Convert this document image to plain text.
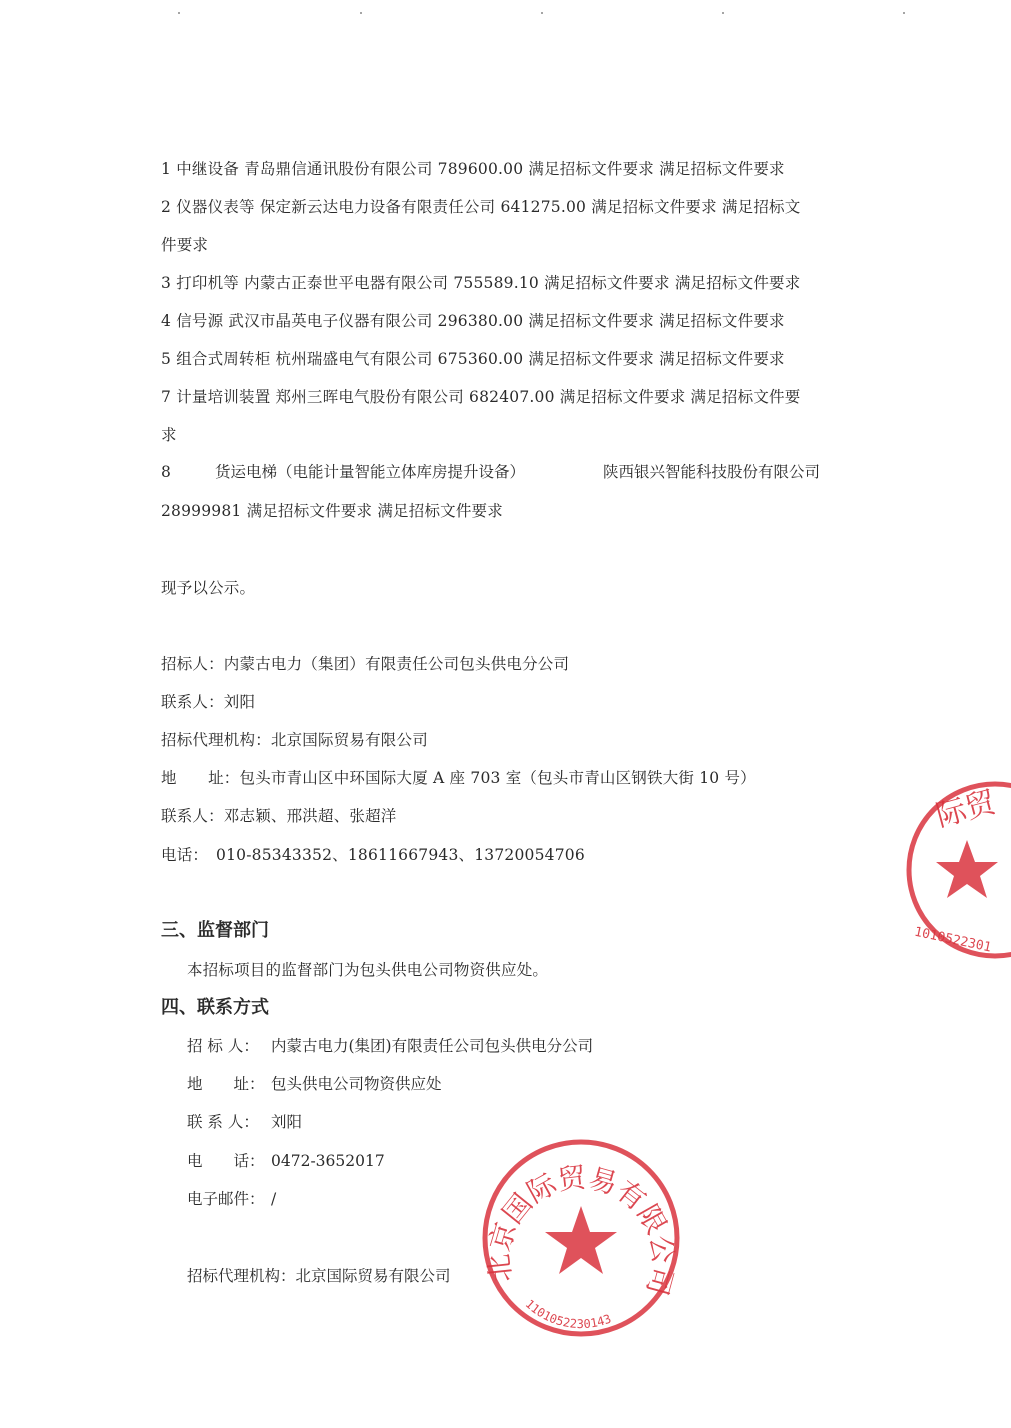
1 中继设备 青岛鼎信通讯股份有限公司 789600.00 满足招标文件要求 满足招标文件要求
2 仪器仪表等 保定新云达电力设备有限责任公司 641275.00 满足招标文件要求 满足招标文
件要求
3 打印机等 内蒙古正泰世平电器有限公司 755589.10 满足招标文件要求 满足招标文件要求
4 信号源 武汉市晶英电子仪器有限公司 296380.00 满足招标文件要求 满足招标文件要求
5 组合式周转柜 杭州瑞盛电气有限公司 675360.00 满足招标文件要求 满足招标文件要求
7 计量培训装置 郑州三晖电气股份有限公司 682407.00 满足招标文件要求 满足招标文件要
求
8	货运电梯（电能计量智能立体库房提升设备）	陕西银兴智能科技股份有限公司
28999981 满足招标文件要求 满足招标文件要求
现予以公示。
招标人：内蒙古电力（集团）有限责任公司包头供电分公司
联系人：刘阳
招标代理机构：北京国际贸易有限公司
地　　址：包头市青山区中环国际大厦 A 座 703 室（包头市青山区钢铁大街 10 号）
联系人：邓志颖、邢洪超、张超洋
电话：　010-85343352、18611667943、13720054706
三、监督部门
本招标项目的监督部门为包头供电公司物资供应处。
四、联系方式
招 标 人： 内蒙古电力(集团)有限责任公司包头供电分公司
地　　址： 包头供电公司物资供应处
联 系 人： 刘阳
电　　话： 0472-3652017
电子邮件： /
招标代理机构：北京国际贸易有限公司
际贸
1010522301
北京国际贸易有限公司
1101052230143
